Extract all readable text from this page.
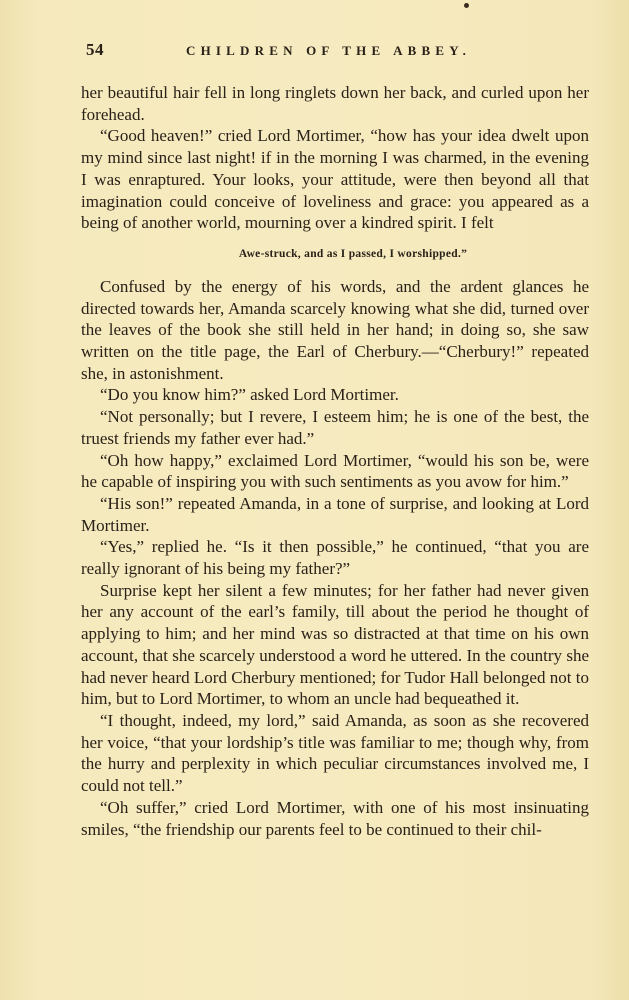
54	CHILDREN OF THE ABBEY.

her beautiful hair fell in long ringlets down her back, and curled upon her forehead.

“Good heaven!” cried Lord Mortimer, “how has your idea dwelt upon my mind since last night! if in the morning I was charmed, in the evening I was enraptured. Your looks, your attitude, were then beyond all that imagination could conceive of loveliness and grace: you appeared as a being of another world, mourning over a kindred spirit. I felt

Awe-struck, and as I passed, I worshipped.”

Confused by the energy of his words, and the ardent glances he directed towards her, Amanda scarcely knowing what she did, turned over the leaves of the book she still held in her hand; in doing so, she saw written on the title page, the Earl of Cherbury.—“Cherbury!” repeated she, in astonishment.

“Do you know him?” asked Lord Mortimer.

“Not personally; but I revere, I esteem him; he is one of the best, the truest friends my father ever had.”

“Oh how happy,” exclaimed Lord Mortimer, “would his son be, were he capable of inspiring you with such sentiments as you avow for him.”

“His son!” repeated Amanda, in a tone of surprise, and looking at Lord Mortimer.

“Yes,” replied he. “Is it then possible,” he continued, “that you are really ignorant of his being my father?”

Surprise kept her silent a few minutes; for her father had never given her any account of the earl’s family, till about the period he thought of applying to him; and her mind was so distracted at that time on his own account, that she scarcely understood a word he uttered. In the country she had never heard Lord Cherbury mentioned; for Tudor Hall belonged not to him, but to Lord Mortimer, to whom an uncle had bequeathed it.

“I thought, indeed, my lord,” said Amanda, as soon as she recovered her voice, “that your lordship’s title was familiar to me; though why, from the hurry and perplexity in which peculiar circumstances involved me, I could not tell.”

“Oh suffer,” cried Lord Mortimer, with one of his most insinuating smiles, “the friendship our parents feel to be continued to their chil-
